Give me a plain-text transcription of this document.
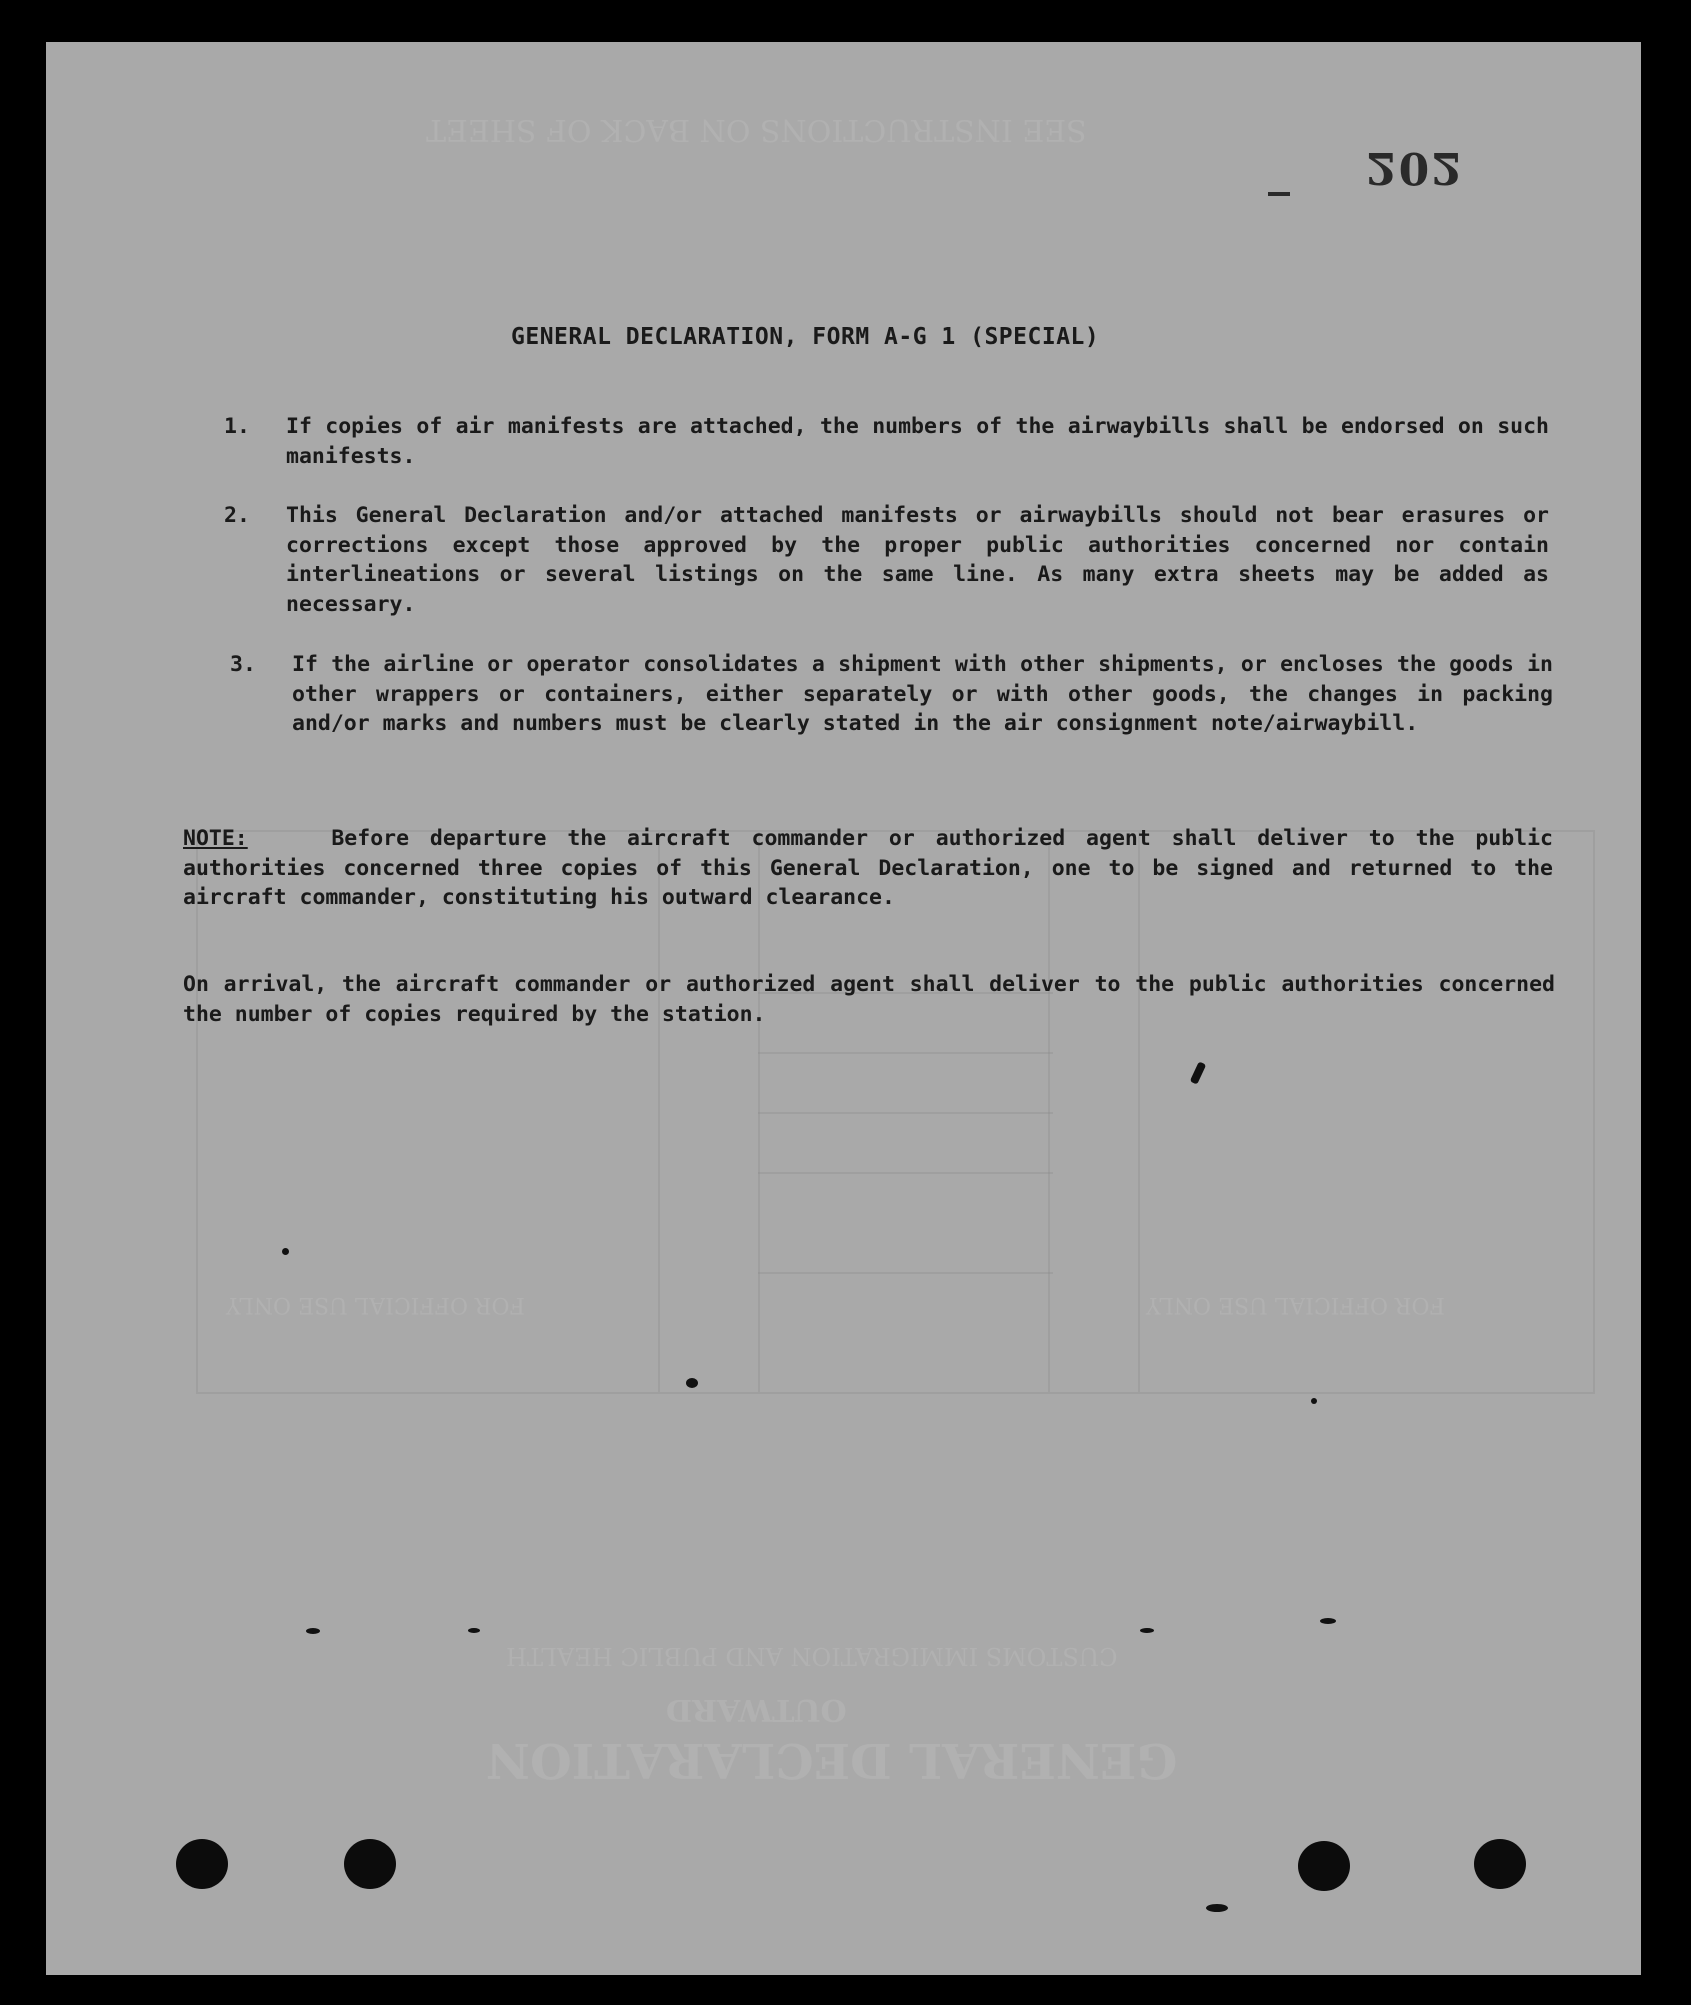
SEE INSTRUCTIONS ON BACK OF SHEET
GENERAL DECLARATION
OUTWARD
CUSTOMS IMMIGRATION AND PUBLIC HEALTH
FOR OFFICIAL USE ONLY	FOR OFFICIAL USE ONLY
202
GENERAL DECLARATION, FORM A-G 1 (SPECIAL)
1. If copies of air manifests are attached, the numbers of the airwaybills shall be endorsed on such manifests.
2. This General Declaration and/or attached manifests or airwaybills should not bear erasures or corrections except those approved by the proper public authorities concerned nor contain interlineations or several listings on the same line. As many extra sheets may be added as necessary.
3. If the airline or operator consolidates a shipment with other shipments, or encloses the goods in other wrappers or containers, either separately or with other goods, the changes in packing and/or marks and numbers must be clearly stated in the air consignment note/airwaybill.
NOTE:	Before departure the aircraft commander or authorized agent shall deliver to the public authorities concerned three copies of this General Declaration, one to be signed and returned to the aircraft commander, constituting his outward clearance.
On arrival, the aircraft commander or authorized agent shall deliver to the public authorities concerned the number of copies required by the station.
